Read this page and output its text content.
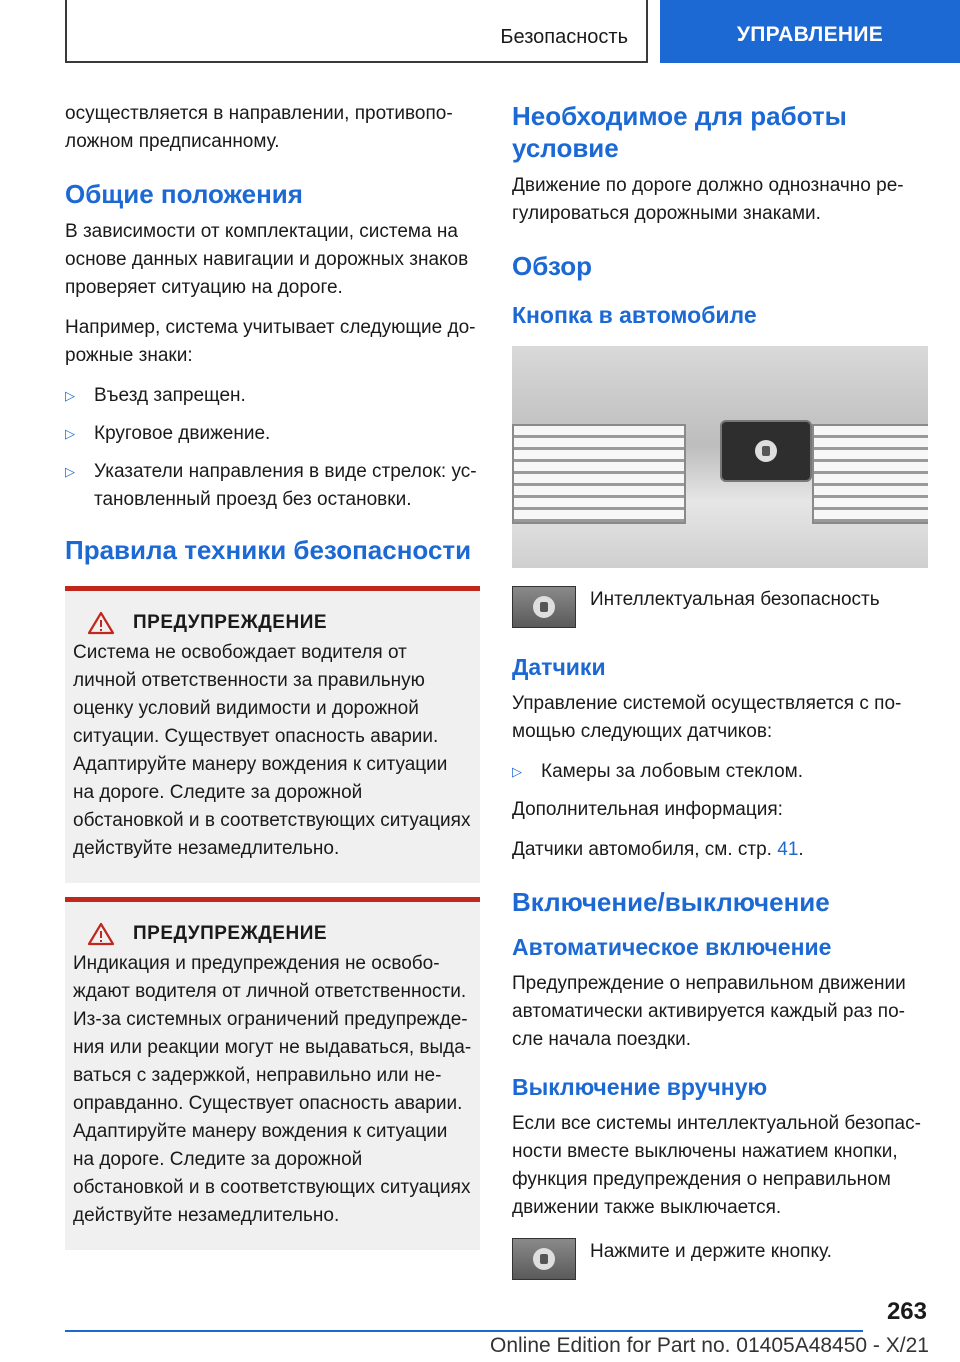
Безопасность	УПРАВЛЕНИЕ

осуществляется в направлении, противоположном предписанному.

Общие положения

В зависимости от комплектации, система на основе данных навигации и дорожных знаков проверяет ситуацию на дороге.

Например, система учитывает следующие дорожные знаки:

▷ Въезд запрещен.
▷ Круговое движение.
▷ Указатели направления в виде стрелок: установленный проезд без остановки.
Правила техники безопасности
ПРЕДУПРЕЖДЕНИЕ

Система не освобождает водителя от личной ответственности за правильную оценку условий видимости и дорожной ситуации. Существует опасность аварии. Адаптируйте манеру вождения к ситуации на дороге. Следите за дорожной обстановкой и в соответствующих ситуациях действуйте незамедлительно.

ПРЕДУПРЕЖДЕНИЕ

Индикация и предупреждения не освобождают водителя от личной ответственности. Из-за системных ограничений предупреждения или реакции могут не выдаваться, выдаваться с задержкой, неправильно или неоправданно. Существует опасность аварии. Адаптируйте манеру вождения к ситуации на дороге. Следите за дорожной обстановкой и в соответствующих ситуациях действуйте незамедлительно.

Необходимое для работы условие

Движение по дороге должно однозначно регулироваться дорожными знаками.

Обзор
Кнопка в автомобиле
Интеллектуальная безопасность
Датчики

Управление системой осуществляется с помощью следующих датчиков:

▷ Камеры за лобовым стеклом.

Дополнительная информация:

Датчики автомобиля, см. стр. 41.

Включение/выключение
Автоматическое включение

Предупреждение о неправильном движении автоматически активируется каждый раз после начала поездки.

Выключение вручную

Если все системы интеллектуальной безопасности вместе выключены нажатием кнопки, функция предупреждения о неправильном движении также выключается.

Нажмите и держите кнопку.
263
Online Edition for Part no. 01405A48450 - X/21
